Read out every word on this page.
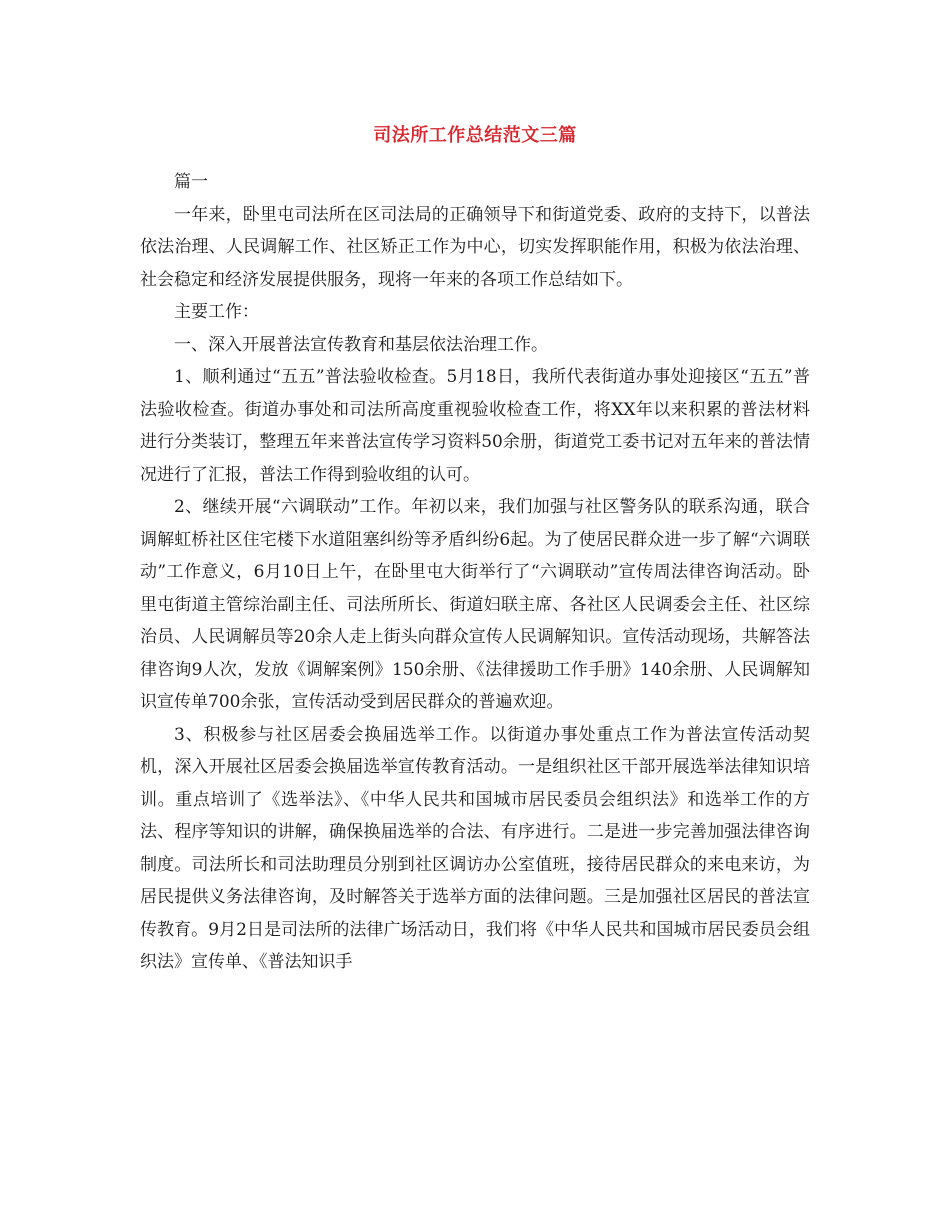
司法所工作总结范文三篇

篇一

一年来，卧里屯司法所在区司法局的正确领导下和街道党委、政府的支持下，以普法依法治理、人民调解工作、社区矫正工作为中心，切实发挥职能作用，积极为依法治理、社会稳定和经济发展提供服务，现将一年来的各项工作总结如下。

主要工作：

一、深入开展普法宣传教育和基层依法治理工作。

1、顺利通过“五五”普法验收检查。5月18日，我所代表街道办事处迎接区“五五”普法验收检查。街道办事处和司法所高度重视验收检查工作，将XX年以来积累的普法材料进行分类装订，整理五年来普法宣传学习资料50余册，街道党工委书记对五年来的普法情况进行了汇报，普法工作得到验收组的认可。

2、继续开展“六调联动”工作。年初以来，我们加强与社区警务队的联系沟通，联合调解虹桥社区住宅楼下水道阻塞纠纷等矛盾纠纷6起。为了使居民群众进一步了解“六调联动”工作意义，6月10日上午，在卧里屯大街举行了“六调联动”宣传周法律咨询活动。卧里屯街道主管综治副主任、司法所所长、街道妇联主席、各社区人民调委会主任、社区综治员、人民调解员等20余人走上街头向群众宣传人民调解知识。宣传活动现场，共解答法律咨询9人次，发放《调解案例》150余册、《法律援助工作手册》140余册、人民调解知识宣传单700余张，宣传活动受到居民群众的普遍欢迎。

3、积极参与社区居委会换届选举工作。以街道办事处重点工作为普法宣传活动契机，深入开展社区居委会换届选举宣传教育活动。一是组织社区干部开展选举法律知识培训。重点培训了《选举法》、《中华人民共和国城市居民委员会组织法》和选举工作的方法、程序等知识的讲解，确保换届选举的合法、有序进行。二是进一步完善加强法律咨询制度。司法所长和司法助理员分别到社区调访办公室值班，接待居民群众的来电来访，为居民提供义务法律咨询，及时解答关于选举方面的法律问题。三是加强社区居民的普法宣传教育。9月2日是司法所的法律广场活动日，我们将《中华人民共和国城市居民委员会组织法》宣传单、《普法知识手
